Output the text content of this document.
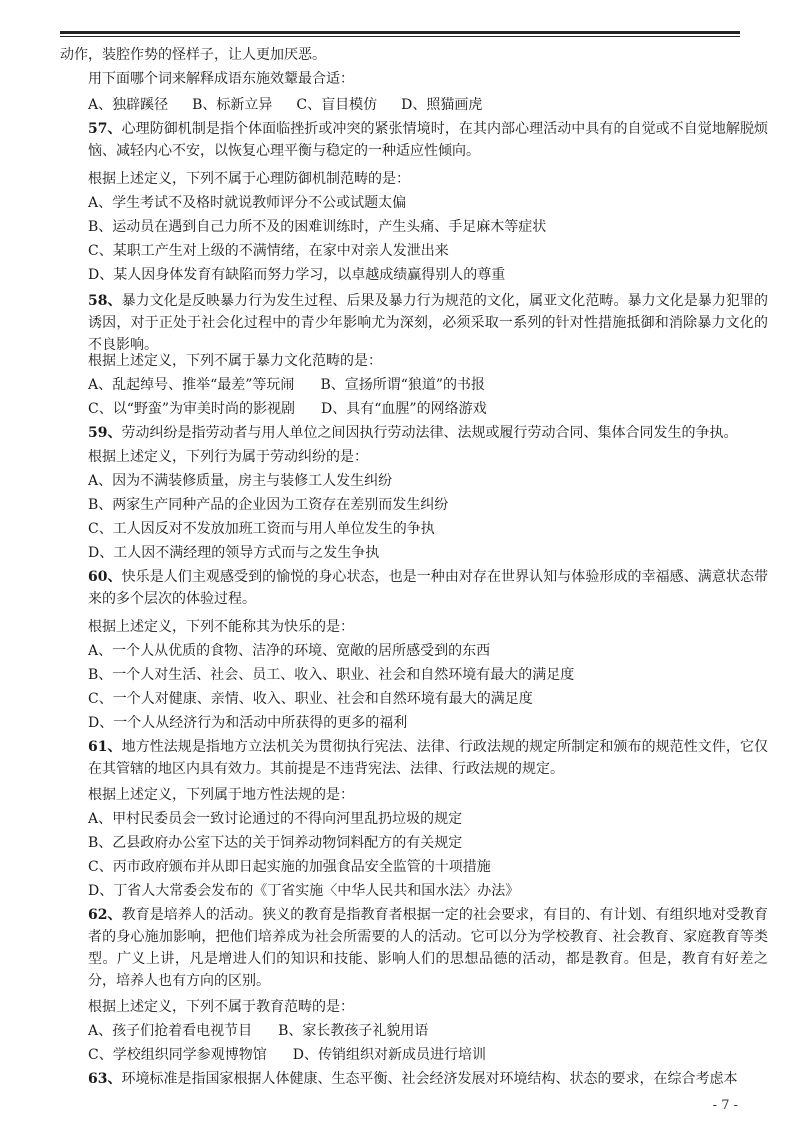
动作，装腔作势的怪样子，让人更加厌恶。
用下面哪个词来解释成语东施效颦最合适：
A、独辟蹊径 B、标新立异 C、盲目模仿 D、照猫画虎
57、心理防御机制是指个体面临挫折或冲突的紧张情境时，在其内部心理活动中具有的自觉或不自觉地解脱烦恼、减轻内心不安，以恢复心理平衡与稳定的一种适应性倾向。
根据上述定义，下列不属于心理防御机制范畴的是：
A、学生考试不及格时就说教师评分不公或试题太偏
B、运动员在遇到自己力所不及的困难训练时，产生头痛、手足麻木等症状
C、某职工产生对上级的不满情绪，在家中对亲人发泄出来
D、某人因身体发育有缺陷而努力学习，以卓越成绩赢得别人的尊重
58、暴力文化是反映暴力行为发生过程、后果及暴力行为规范的文化，属亚文化范畴。暴力文化是暴力犯罪的诱因，对于正处于社会化过程中的青少年影响尤为深刻，必须采取一系列的针对性措施抵御和消除暴力文化的不良影响。
根据上述定义，下列不属于暴力文化范畴的是：
A、乱起绰号、推举“最差”等玩闹 B、宣扬所谓“狼道”的书报
C、以“野蛮”为审美时尚的影视剧 D、具有“血腥”的网络游戏
59、劳动纠纷是指劳动者与用人单位之间因执行劳动法律、法规或履行劳动合同、集体合同发生的争执。
根据上述定义，下列行为属于劳动纠纷的是：
A、因为不满装修质量，房主与装修工人发生纠纷
B、两家生产同种产品的企业因为工资存在差别而发生纠纷
C、工人因反对不发放加班工资而与用人单位发生的争执
D、工人因不满经理的领导方式而与之发生争执
60、快乐是人们主观感受到的愉悦的身心状态，也是一种由对存在世界认知与体验形成的幸福感、满意状态带来的多个层次的体验过程。
根据上述定义，下列不能称其为快乐的是：
A、一个人从优质的食物、洁净的环境、宽敞的居所感受到的东西
B、一个人对生活、社会、员工、收入、职业、社会和自然环境有最大的满足度
C、一个人对健康、亲情、收入、职业、社会和自然环境有最大的满足度
D、一个人从经济行为和活动中所获得的更多的福利
61、地方性法规是指地方立法机关为贯彻执行宪法、法律、行政法规的规定所制定和颁布的规范性文件，它仅在其管辖的地区内具有效力。其前提是不违背宪法、法律、行政法规的规定。
根据上述定义，下列属于地方性法规的是：
A、甲村民委员会一致讨论通过的不得向河里乱扔垃圾的规定
B、乙县政府办公室下达的关于饲养动物饲料配方的有关规定
C、丙市政府颁布并从即日起实施的加强食品安全监管的十项措施
D、丁省人大常委会发布的《丁省实施〈中华人民共和国水法〉办法》
62、教育是培养人的活动。狭义的教育是指教育者根据一定的社会要求，有目的、有计划、有组织地对受教育者的身心施加影响，把他们培养成为社会所需要的人的活动。它可以分为学校教育、社会教育、家庭教育等类型。广义上讲，凡是增进人们的知识和技能、影响人们的思想品德的活动，都是教育。但是，教育有好差之分，培养人也有方向的区别。
根据上述定义，下列不属于教育范畴的是：
A、孩子们抢着看电视节目 B、家长教孩子礼貌用语
C、学校组织同学参观博物馆 D、传销组织对新成员进行培训
63、环境标准是指国家根据人体健康、生态平衡、社会经济发展对环境结构、状态的要求，在综合考虑本
- 7 -
